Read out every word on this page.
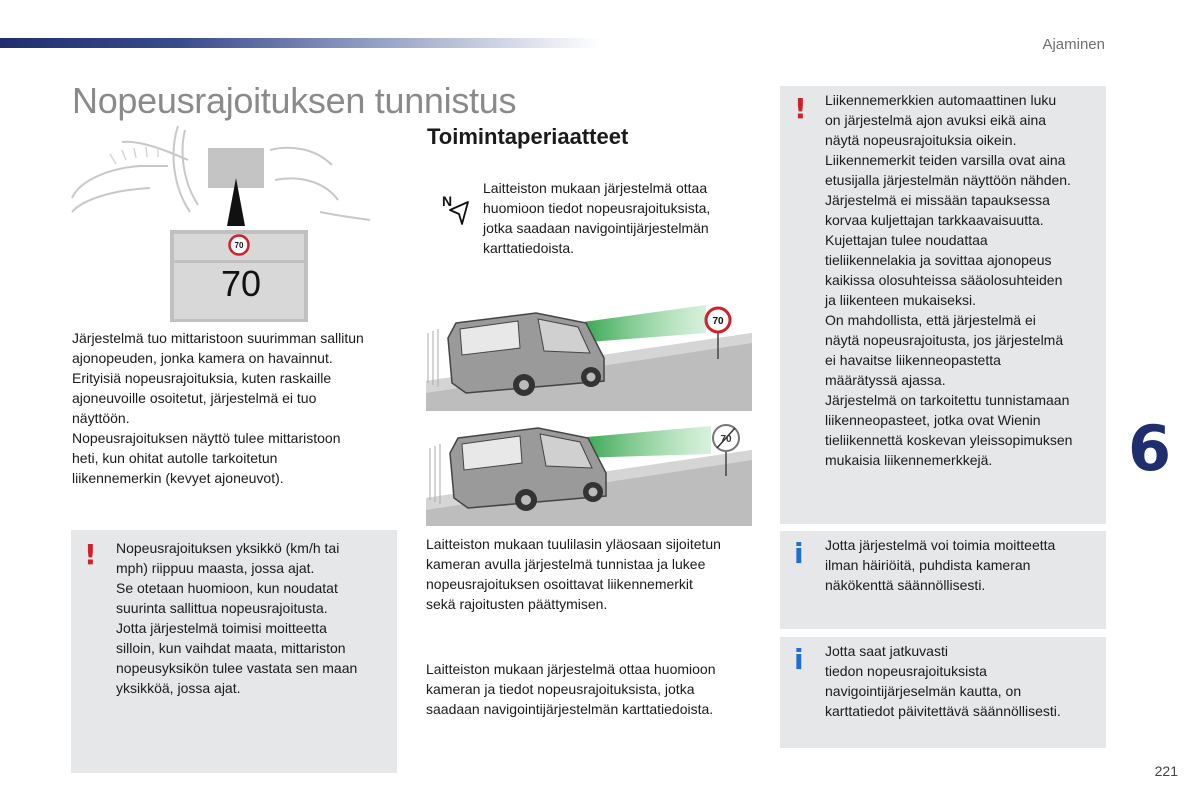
Ajaminen
Nopeusrajoituksen tunnistus
Toimintaperiaatteet
70
70

Järjestelmä tuo mittaristoon suurimman sallitun

ajonopeuden, jonka kamera on havainnut.

Erityisiä nopeusrajoituksia, kuten raskaille

ajoneuvoille osoitetut, järjestelmä ei tuo

näyttöön.

Nopeusrajoituksen näyttö tulee mittaristoon

heti, kun ohitat autolle tarkoitetun

liikennemerkin (kevyet ajoneuvot).

! Nopeusrajoituksen yksikkö (km/h tai

mph) riippuu maasta, jossa ajat.

Se otetaan huomioon, kun noudatat

suurinta sallittua nopeusrajoitusta.

Jotta järjestelmä toimisi moitteetta

silloin, kun vaihdat maata, mittariston

nopeusyksikön tulee vastata sen maan

yksikköä, jossa ajat.

N

Laitteiston mukaan järjestelmä ottaa

huomioon tiedot nopeusrajoituksista,

jotka saadaan navigointijärjestelmän

karttatiedoista.

70
70

Laitteiston mukaan tuulilasin yläosaan sijoitetun

kameran avulla järjestelmä tunnistaa ja lukee

nopeusrajoituksen osoittavat liikennemerkit

sekä rajoitusten päättymisen.

Laitteiston mukaan järjestelmä ottaa huomioon

kameran ja tiedot nopeusrajoituksista, jotka

saadaan navigointijärjestelmän karttatiedoista.

! Liikennemerkkien automaattinen luku

on järjestelmä ajon avuksi eikä aina

näytä nopeusrajoituksia oikein.

Liikennemerkit teiden varsilla ovat aina

etusijalla järjestelmän näyttöön nähden.

Järjestelmä ei missään tapauksessa

korvaa kuljettajan tarkkaavaisuutta.

Kujettajan tulee noudattaa

tieliikennelakia ja sovittaa ajonopeus

kaikissa olosuhteissa sääolosuhteiden

ja liikenteen mukaiseksi.

On mahdollista, että järjestelmä ei

näytä nopeusrajoitusta, jos järjestelmä

ei havaitse liikenneopastetta

määrätyssä ajassa.

Järjestelmä on tarkoitettu tunnistamaan

liikenneopasteet, jotka ovat Wienin

tieliikennettä koskevan yleissopimuksen

mukaisia liikennemerkkejä.

i Jotta järjestelmä voi toimia moitteetta

ilman häiriöitä, puhdista kameran

näkökenttä säännöllisesti.

i Jotta saat jatkuvasti

tiedon nopeusrajoituksista

navigointijärjeselmän kautta, on

karttatiedot päivitettävä säännöllisesti.

6
221
